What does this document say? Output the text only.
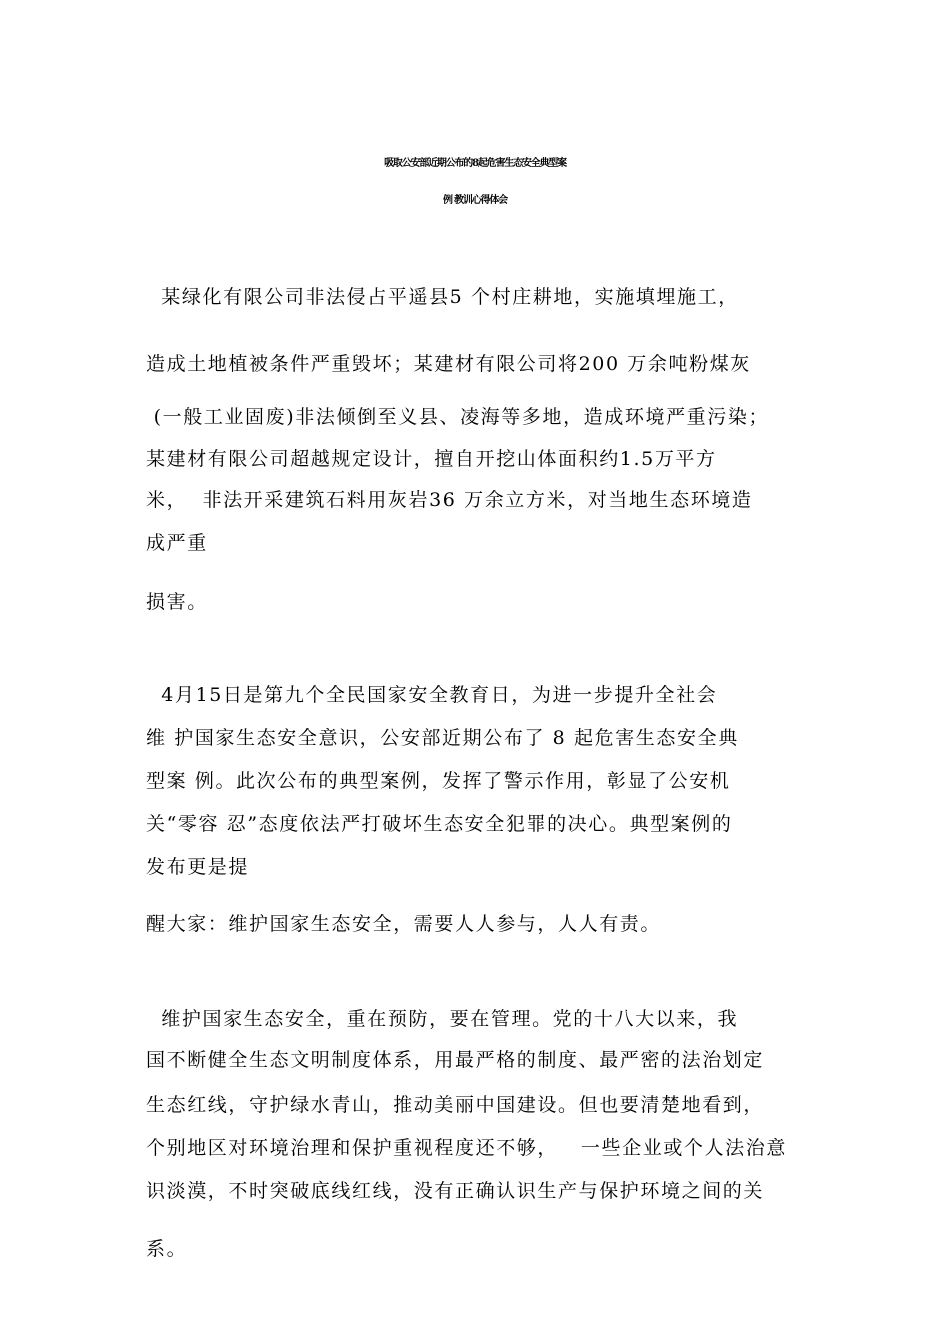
吸取公安部近期公布的8起危害生态安全典型案
例 教训心得体会
某绿化有限公司非法侵占平遥县5 个村庄耕地，实施填埋施工，
造成土地植被条件严重毁坏；某建材有限公司将200 万余吨粉煤灰
(一般工业固废)非法倾倒至义县、凌海等多地，造成环境严重污染；
某建材有限公司超越规定设计，擅自开挖山体面积约1.5万平方
米，  非法开采建筑石料用灰岩36 万余立方米，对当地生态环境造
成严重
损害。
4月15日是第九个全民国家安全教育日，为进一步提升全社会
维 护国家生态安全意识，公安部近期公布了 8 起危害生态安全典
型案 例。此次公布的典型案例，发挥了警示作用，彰显了公安机
关“零容 忍”态度依法严打破坏生态安全犯罪的决心。典型案例的
发布更是提
醒大家：维护国家生态安全，需要人人参与，人人有责。
维护国家生态安全，重在预防，要在管理。党的十八大以来，我
国不断健全生态文明制度体系，用最严格的制度、最严密的法治划定
生态红线，守护绿水青山，推动美丽中国建设。但也要清楚地看到，
个别地区对环境治理和保护重视程度还不够，   一些企业或个人法治意
识淡漠，不时突破底线红线，没有正确认识生产与保护环境之间的关
系。
